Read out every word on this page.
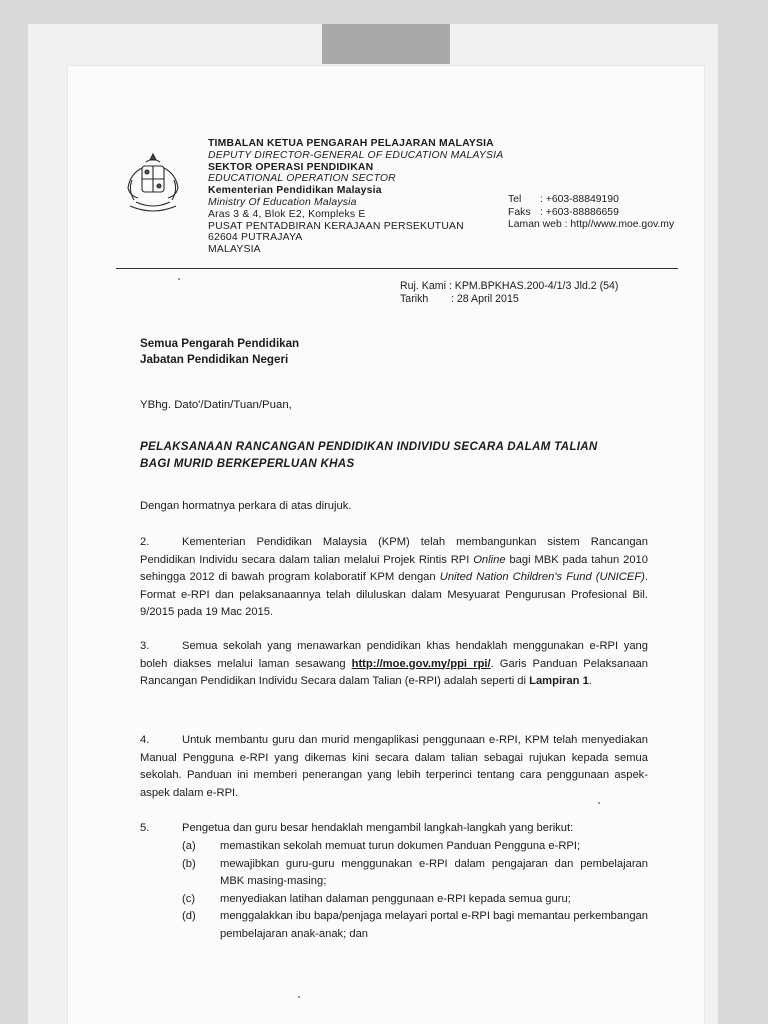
TIMBALAN KETUA PENGARAH PELAJARAN MALAYSIA
DEPUTY DIRECTOR-GENERAL OF EDUCATION MALAYSIA
SEKTOR OPERASI PENDIDIKAN
EDUCATIONAL OPERATION SECTOR
Kementerian Pendidikan Malaysia
Ministry Of Education Malaysia
Aras 3 & 4, Blok E2, Kompleks E
PUSAT PENTADBIRAN KERAJAAN PERSEKUTUAN
62604 PUTRAJAYA
MALAYSIA
Tel	: +603-88849190
Faks : +603-88886659
Laman web
: http//www.moe.gov.my
Ruj. Kami
: KPM.BPKHAS.200-4/1/3 Jld.2 (54)
Tarikh	: 28 April 2015
Semua Pengarah Pendidikan
Jabatan Pendidikan Negeri
YBhg. Dato'/Datin/Tuan/Puan,
PELAKSANAAN RANCANGAN PENDIDIKAN INDIVIDU SECARA DALAM TALIAN
BAGI MURID BERKEPERLUAN KHAS
Dengan hormatnya perkara di atas dirujuk.
2.	Kementerian Pendidikan Malaysia (KPM) telah membangunkan sistem Rancangan Pendidikan Individu secara dalam talian melalui Projek Rintis RPI Online bagi MBK pada tahun 2010 sehingga 2012 di bawah program kolaboratif KPM dengan United Nation Children's Fund (UNICEF). Format e-RPI dan pelaksanaannya telah diluluskan dalam Mesyuarat Pengurusan Profesional Bil. 9/2015 pada 19 Mac 2015.
3.	Semua sekolah yang menawarkan pendidikan khas hendaklah menggunakan e-RPI yang boleh diakses melalui laman sesawang http://moe.gov.my/ppi_rpi/. Garis Panduan Pelaksanaan Rancangan Pendidikan Individu Secara dalam Talian (e-RPI) adalah seperti di Lampiran 1.
4.	Untuk membantu guru dan murid mengaplikasi penggunaan e-RPI, KPM telah menyediakan Manual Pengguna e-RPI yang dikemas kini secara dalam talian sebagai rujukan kepada semua sekolah. Panduan ini memberi penerangan yang lebih terperinci tentang cara penggunaan aspek-aspek dalam e-RPI.
5.	Pengetua dan guru besar hendaklah mengambil langkah-langkah yang berikut:
(a)	memastikan sekolah memuat turun dokumen Panduan Pengguna e-RPI;
(b)	mewajibkan guru-guru menggunakan e-RPI dalam pengajaran dan pembelajaran MBK masing-masing;
(c)	menyediakan latihan dalaman penggunaan e-RPI kepada semua guru;
(d)	menggalakkan ibu bapa/penjaga melayari portal e-RPI bagi memantau perkembangan pembelajaran anak-anak; dan
